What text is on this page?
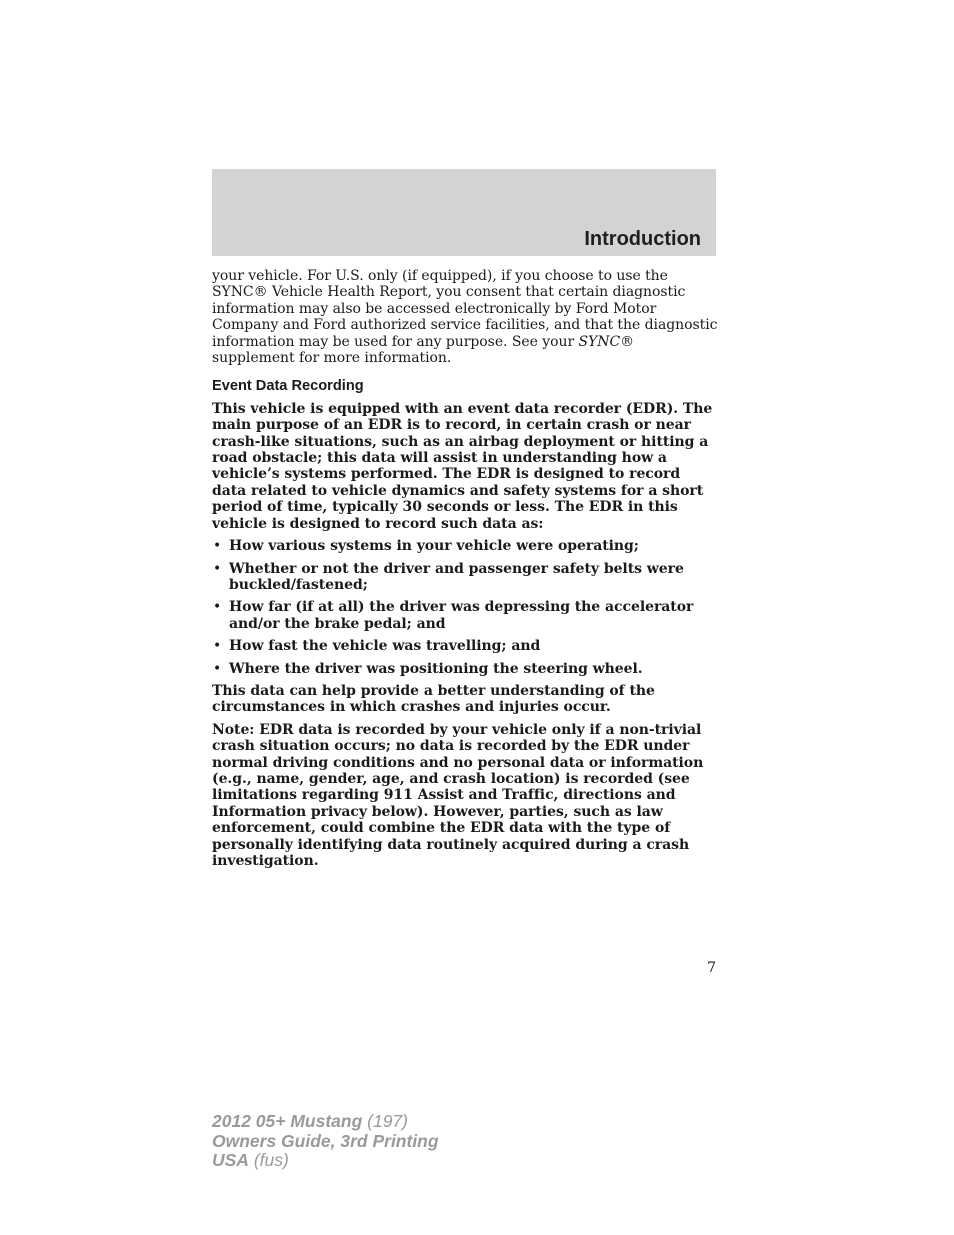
Introduction

your vehicle. For U.S. only (if equipped), if you choose to use the SYNC® Vehicle Health Report, you consent that certain diagnostic information may also be accessed electronically by Ford Motor Company and Ford authorized service facilities, and that the diagnostic information may be used for any purpose. See your SYNC® supplement for more information.

Event Data Recording

This vehicle is equipped with an event data recorder (EDR). The main purpose of an EDR is to record, in certain crash or near crash-like situations, such as an airbag deployment or hitting a road obstacle; this data will assist in understanding how a vehicle’s systems performed. The EDR is designed to record data related to vehicle dynamics and safety systems for a short period of time, typically 30 seconds or less. The EDR in this vehicle is designed to record such data as:

• How various systems in your vehicle were operating;
• Whether or not the driver and passenger safety belts were buckled/fastened;
• How far (if at all) the driver was depressing the accelerator and/or the brake pedal; and
• How fast the vehicle was travelling; and
• Where the driver was positioning the steering wheel.

This data can help provide a better understanding of the circumstances in which crashes and injuries occur.

Note: EDR data is recorded by your vehicle only if a non-trivial crash situation occurs; no data is recorded by the EDR under normal driving conditions and no personal data or information (e.g., name, gender, age, and crash location) is recorded (see limitations regarding 911 Assist and Traffic, directions and Information privacy below). However, parties, such as law enforcement, could combine the EDR data with the type of personally identifying data routinely acquired during a crash investigation.

7
2012 05+ Mustang (197)
Owners Guide, 3rd Printing
USA (fus)
